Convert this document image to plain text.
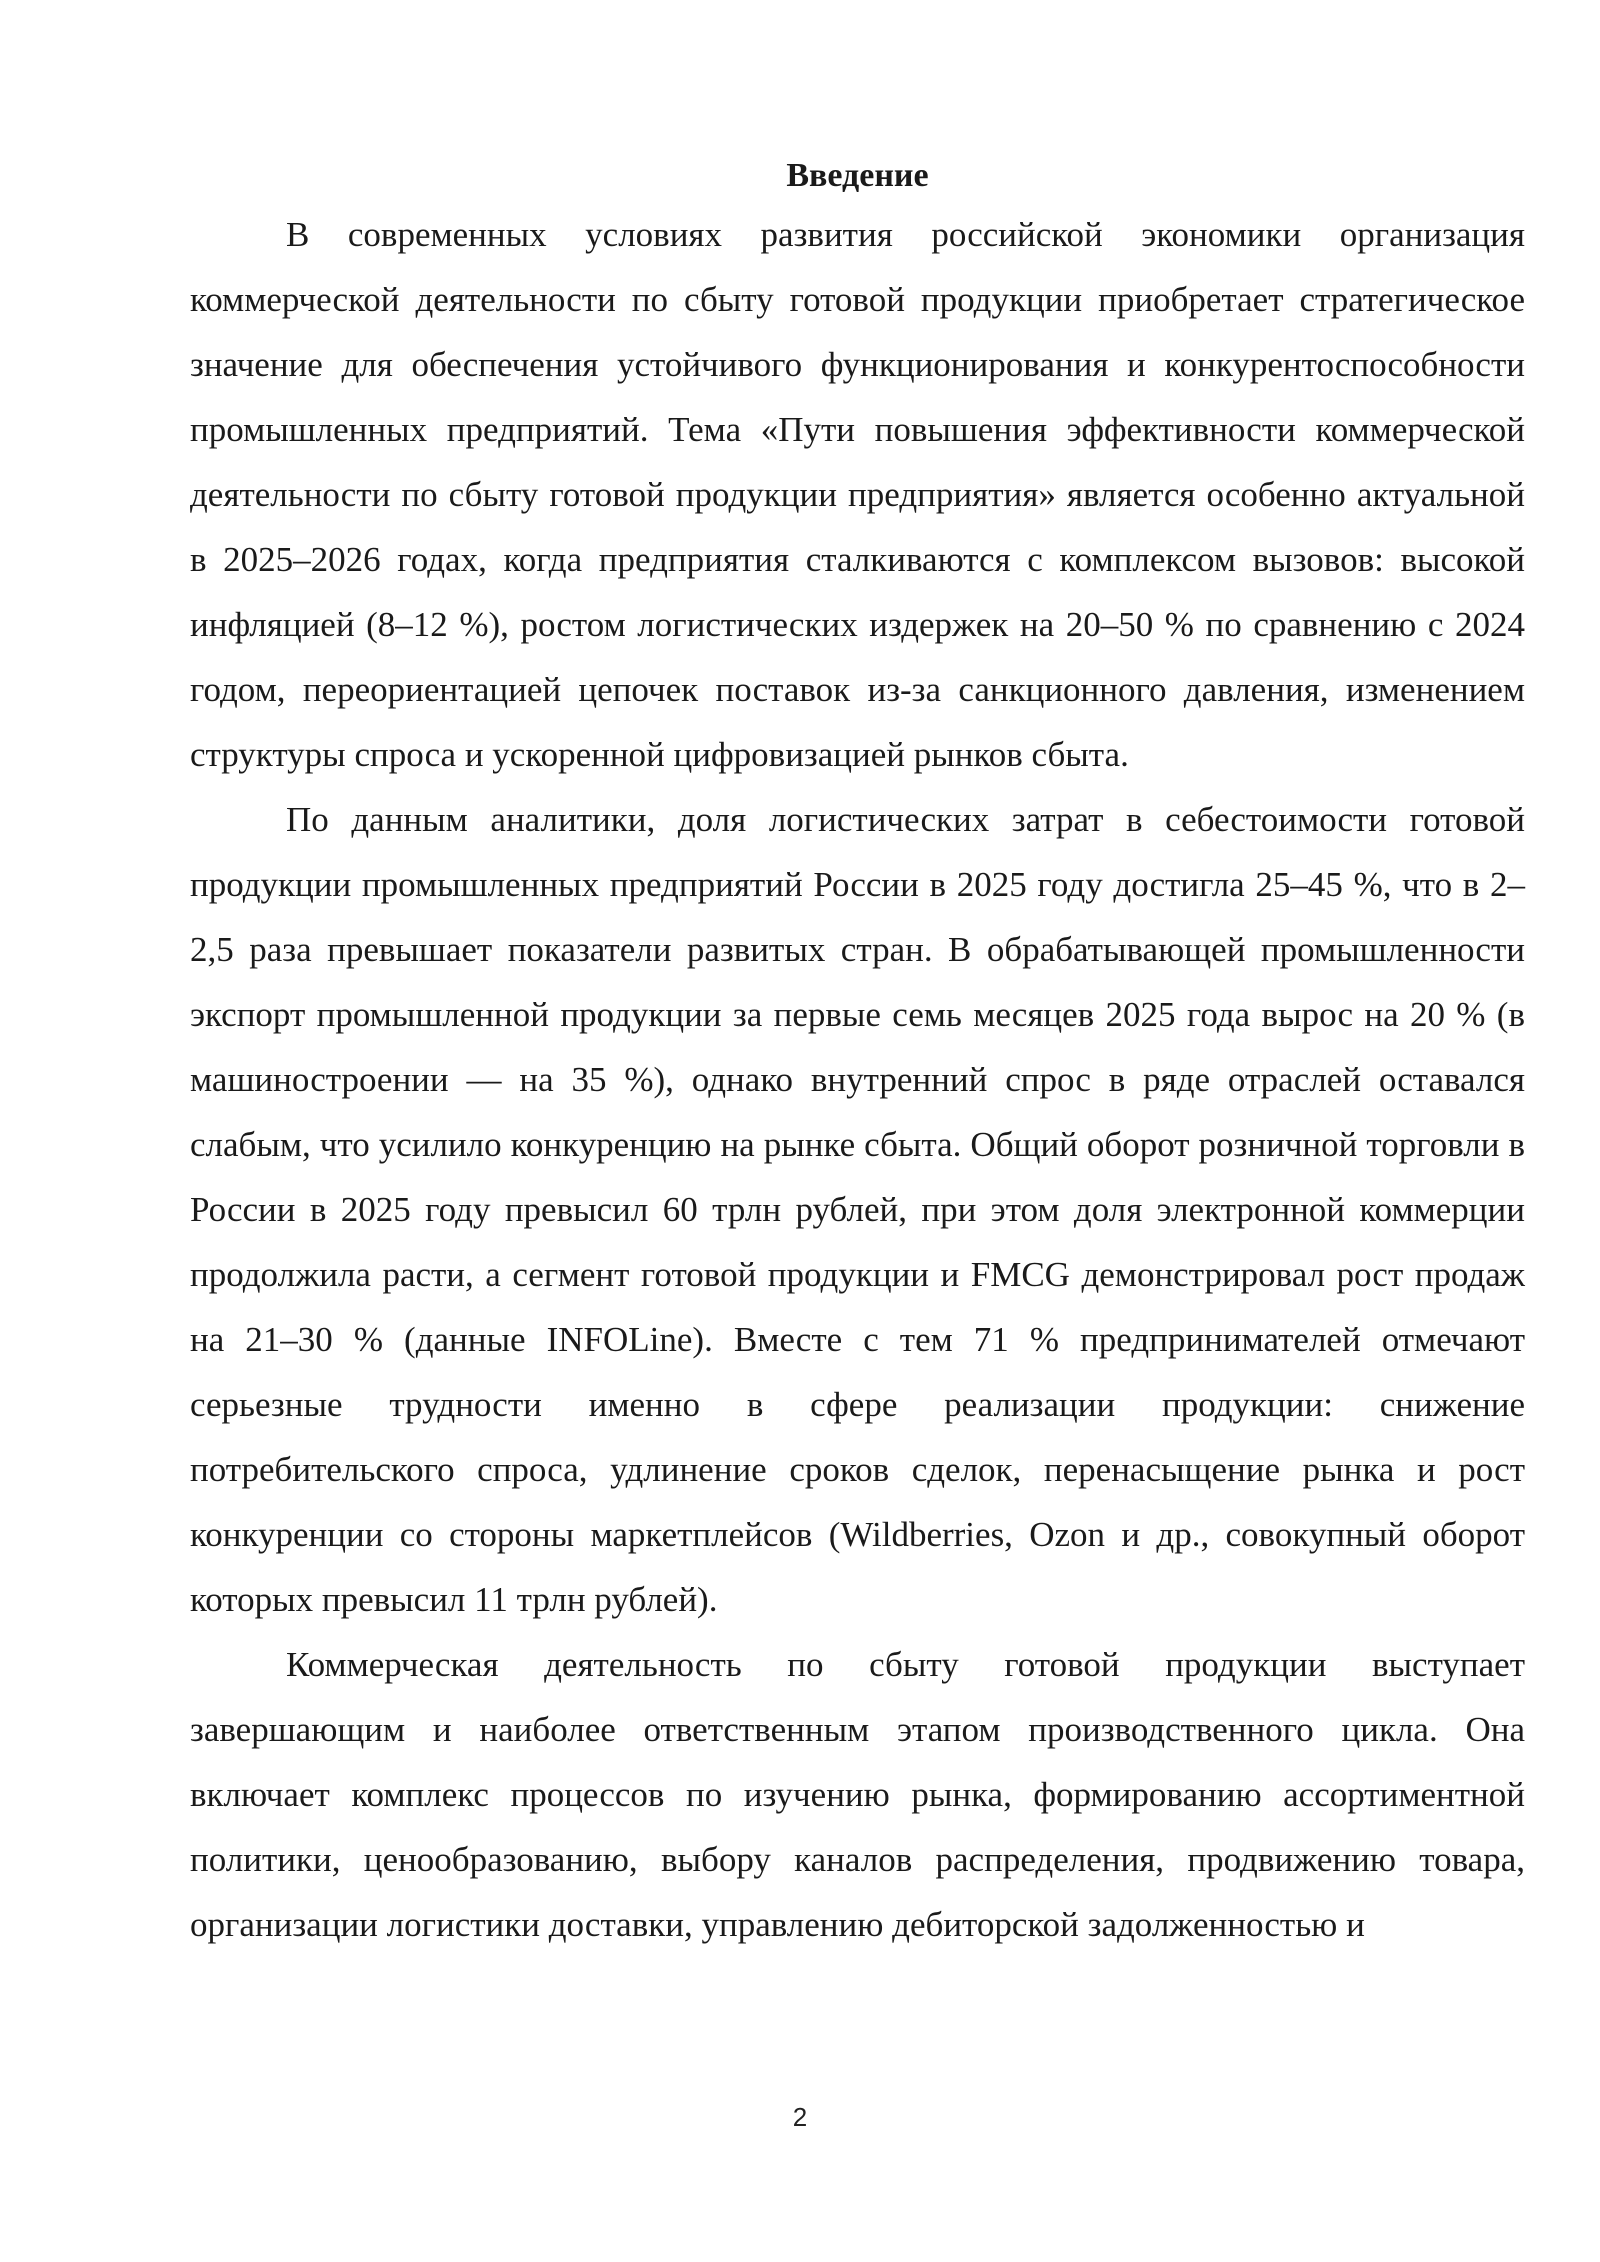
Введение

В современных условиях развития российской экономики организация коммерческой деятельности по сбыту готовой продукции приобретает стратегическое значение для обеспечения устойчивого функционирования и конкурентоспособности промышленных предприятий. Тема «Пути повышения эффективности коммерческой деятельности по сбыту готовой продукции предприятия» является особенно актуальной в 2025–2026 годах, когда предприятия сталкиваются с комплексом вызовов: высокой инфляцией (8–12 %), ростом логистических издержек на 20–50 % по сравнению с 2024 годом, переориентацией цепочек поставок из-за санкционного давления, изменением структуры спроса и ускоренной цифровизацией рынков сбыта.

По данным аналитики, доля логистических затрат в себестоимости готовой продукции промышленных предприятий России в 2025 году достигла 25–45 %, что в 2–2,5 раза превышает показатели развитых стран. В обрабатывающей промышленности экспорт промышленной продукции за первые семь месяцев 2025 года вырос на 20 % (в машиностроении — на 35 %), однако внутренний спрос в ряде отраслей оставался слабым, что усилило конкуренцию на рынке сбыта. Общий оборот розничной торговли в России в 2025 году превысил 60 трлн рублей, при этом доля электронной коммерции продолжила расти, а сегмент готовой продукции и FMCG демонстрировал рост продаж на 21–30 % (данные INFOLine). Вместе с тем 71 % предпринимателей отмечают серьезные трудности именно в сфере реализации продукции: снижение потребительского спроса, удлинение сроков сделок, перенасыщение рынка и рост конкуренции со стороны маркетплейсов (Wildberries, Ozon и др., совокупный оборот которых превысил 11 трлн рублей).

Коммерческая деятельность по сбыту готовой продукции выступает завершающим и наиболее ответственным этапом производственного цикла. Она включает комплекс процессов по изучению рынка, формированию ассортиментной политики, ценообразованию, выбору каналов распределения, продвижению товара, организации логистики доставки, управлению дебиторской задолженностью и

2
